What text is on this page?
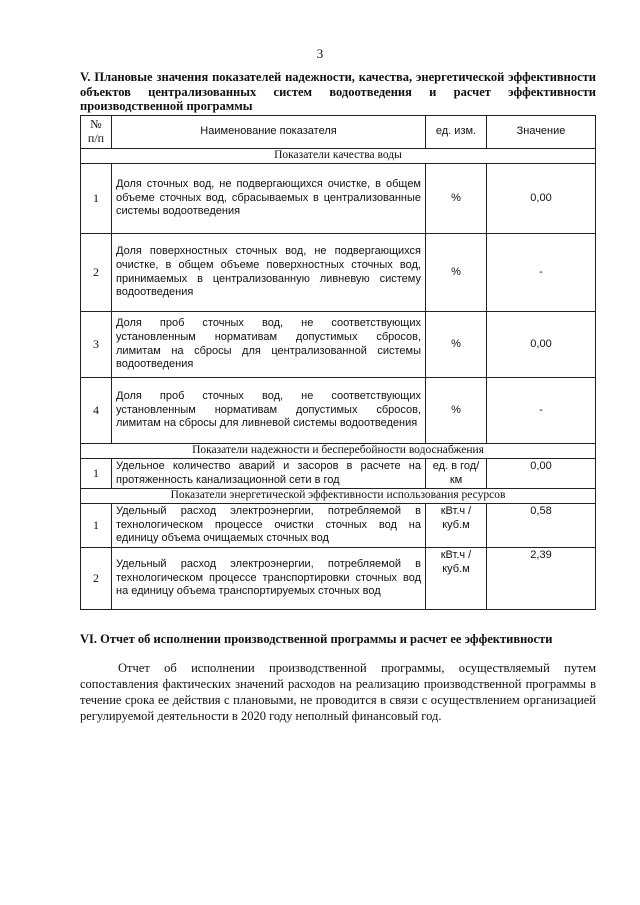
3
V. Плановые значения показателей надежности, качества, энергетической эффективности объектов централизованных систем водоотведения и расчет эффективности производственной программы
№ п/п	Наименование показателя	ед. изм.	Значение
Показатели качества воды			
1	Доля сточных вод, не подвергающихся очистке, в общем объеме сточных вод, сбрасываемых в централизованные системы водоотведения	%	0,00
2	Доля поверхностных сточных вод, не подвергающихся очистке, в общем объеме поверхностных сточных вод, принимаемых в централизованную ливневую систему водоотведения	%	-
3	Доля проб сточных вод, не соответствующих установленным нормативам допустимых сбросов, лимитам на сбросы для централизованной системы водоотведения	%	0,00
4	Доля проб сточных вод, не соответствующих установленным нормативам допустимых сбросов, лимитам на сбросы для ливневой системы водоотведения	%	-
Показатели надежности и бесперебойности водоснабжения			
1	Удельное количество аварий и засоров в расчете на протяженность канализационной сети в год	ед. в год/ км	0,00
Показатели энергетической эффективности использования ресурсов			
1	Удельный расход электроэнергии, потребляемой в технологическом процессе очистки сточных вод на единицу объема очищаемых сточных вод	кВт.ч / куб.м	0,58
2	Удельный расход электроэнергии, потребляемой в технологическом процессе транспортировки сточных вод на единицу объема транспортируемых сточных вод	кВт.ч / куб.м	2,39
VI. Отчет об исполнении производственной программы и расчет ее эффективности
Отчет об исполнении производственной программы, осуществляемый путем сопоставления фактических значений расходов на реализацию производственной программы в течение срока ее действия с плановыми, не проводится в связи с осуществлением организацией регулируемой деятельности в 2020 году неполный финансовый год.
